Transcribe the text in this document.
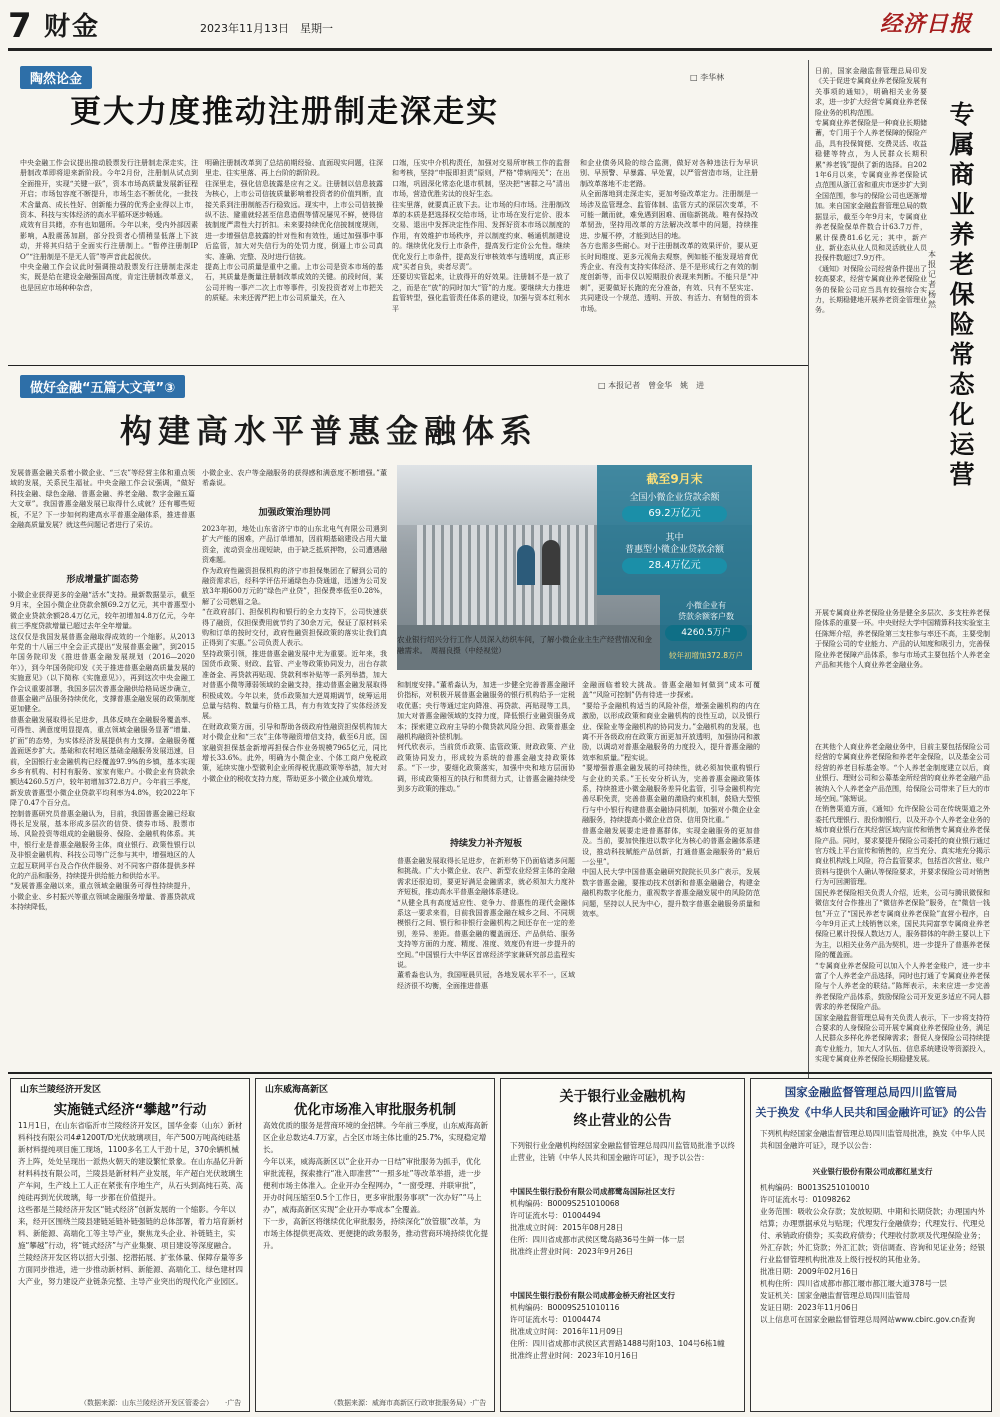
7 财金	2023年11月13日　星期一	经济日报
陶然论金	□ 李华林
更大力度推动注册制走深走实
中央金融工作会议提出推动股票发行注册制走深走实，注册制改革即将迎来新阶段。今年2月份，注册制从试点到全面推开，实现“关键一跃”，资本市场高质量发展新征程开启；市场包容度不断提升，市场生态不断优化，一批技术含量高、成长性好、创新能力强的优秀企业得以上市，资本、科技与实体经济的高水平循环逐步畅通。
成效有目共睹，亦有也如题所。今年以来，受内外部因素影响，A股震荡加剧，部分投资者心情稍显低落上下波动，并将其归结于全面实行注册制上。“暂停注册制IPO”“注册制是不是无人管”等声音此起彼伏。
中央金融工作会议此时强调推动股票发行注册制走深走实，既是给在建设金融强国高度，肯定注册制改革意义，也是回应市场种种杂音，
明确注册制改革到了总结前期经验、直面现实问题，往深里走、往实里落、再上台阶的新阶段。
往深里走，强化信息披露是应有之义。注册制以信息披露为核心，上市公司信披质量影响着投资者的价值判断，直接关系到注册制能否行稳致远。现实中，上市公司信披操纵不法、避重就轻甚至信息造假等情况屡见不鲜，使得信披制度严肃性大打折扣。未来要持续优化信披制度规则，进一步增强信息披露的针对性和有效性，通过加强事中事后监管，加大对失信行为的处罚力度，倒逼上市公司真实、准确、完整、及时进行信披。
提高上市公司质量是重中之重。上市公司是资本市场的基石，其质量是衡量注册制改革成效的关键。前段时间，某公司并购一事产二次上市等事件，引发投资者对上市把关的质疑。未来还需严把上市公司质量关，在入
口端，压实中介机构责任，加强对交易所审核工作的监督和考核，坚持“申报即担责”原则，严格“带病闯关”；在出口端，巩固深化常态化退市机制，坚决把“害群之马”清出市场，营造优胜劣汰的良好生态。
往实里落，就要真正放下去。让市场的归市场。注册制改革的本质是把选择权交给市场，让市场在发行定价、股本交易、退出中发挥决定性作用、发挥好资本市场以制度的作用，有效维护市场秩序，并以制度约束、畅通机制建设的。继续优化发行上市条件，提高发行定价公允性。继续优化发行上市条件，提高发行审核效率与透明度，真正形成“买者自负，卖者尽责”。
还要切实管起来，让放得开的好效果。注册制不是一放了之，而是在“放”的同时加大“管”的力度。要继续大力推进监管转型，强化监管责任体系的建设，加强与资本红利水平
和企业债务风险的综合监测，做好对各种违法行为早识别、早预警、早暴露、早处置，以严管营造市场，让注册制改革落地不走老路。
从全面落地到走深走实，更加考验改革定力。注册制是一场涉及监管理念、监管体制、监管方式的深层次变革，不可能一蹴而就，难免遇到困难、面临新挑战。唯有保持改革韧劲，坚持用改革的方法解决改革中的问题，持续推进、步履不停，才能到达目的地。
各方也需多些耐心。对于注册制改革的效果评价，要从更长时间维度、更多元视角去观察，例如能不能发现培育优秀企业、有没有支持实体经济、是不是形成行之有效的制度创新等，而非仅以短期股价表现来判断。不能只是“冲刺”，更要做好长跑的充分准备，有效、只有不坚实定、共同建设一个规范、透明、开放、有活力、有韧性的资本市场。
做好金融“五篇大文章”③	□ 本报记者　曾金华　姚　进
构建高水平普惠金融体系
发展普惠金融关系着小微企业、“三农”等经营主体和重点领域的发展，关系民生福祉。中央金融工作会议强调，“做好科技金融、绿色金融、普惠金融、养老金融、数字金融五篇大文章”。我国普惠金融发展已取得什么成就？还有哪些短板，不足？下一步如何构建高水平普惠金融体系，推进普惠金融高质量发展？就这些问题记者进行了采访。
形成增量扩面态势
小微企业获得更多的金融“活水”支持。最新数据显示，截至9月末，全国小微企业贷款余额69.2万亿元，其中普惠型小微企业贷款余额28.4万亿元，较年初增加4.8万亿元，今年前三季度贷款增量已超过去年全年增量。
这仅仅是我国发展普惠金融取得成效的一个缩影。从2013年党的十八届三中全会正式提出“发展普惠金融”，到2015年国务院印发《推进普惠金融发展规划（2016—2020年）》，到今年国务院印发《关于推进普惠金融高质量发展的实施意见》（以下简称《实施意见》），再到这次中央金融工作会议重要部署，我国多层次普惠金融供给格局逐步确立，普惠金融产品服务持续优化，支撑普惠金融发展的政策制度更加健全。
普惠金融发展取得长足进步，具体反映在金融服务覆盖率、可得性、满意度明显提高，重点领域金融服务显著“增量、扩面”的态势，为实体经济发展提供有力支撑。金融服务覆盖面逐步扩大。基础和农村地区基础金融服务发展迅速，目前，全国银行业金融机构已经覆盖97.9%的乡镇，基本实现乡乡有机构、村村有服务、家家有账户。小微企业有贷款余额达4260.5万户，较年初增加372.8万户。今年前三季度，新发放普惠型小微企业贷款平均利率为4.8%，较2022年下降了0.47个百分点。
控制普惠研究员普惠金融认为，目前，我国普惠金融已经取得长足发展，基本形成多层次的信贷、债券市场、股票市场、风险投资等组成的金融服务、保险、金融机构体系。其中，银行业是普惠金融服务主体，商业银行、政策性银行以及非银金融机构、科技公司等广泛参与其中，增强地区的人立起互联网平台及合作伙伴服务、对不同客户群体提供多样化的产品和服务，持续提升供给能力和供给水平。
“发展普惠金融以来，重点领域金融服务可得性持续提升，小微企业、乡村振兴等重点领域金融服务增量、普惠贷款成本持续降低，
小微企业、农户等金融服务的获得感和满意度不断增强。”董希淼说。
加强政策治理协同
2023年初，地处山东省济宁市的山东北电气有限公司遇到扩大产能的困难，产品订单增加，因前期基础建设占用大量资金，流动资金出现短缺，由于缺乏抵质押物，公司遭遇融资难题。
作为政府性融资担保机构的济宁市担保集团在了解到公司的融资需求后，经科学评估开通绿色办贷通道，迅速为公司发放3年期600万元的“绿色产业贷”，担保费率低至0.28%，解了公司燃眉之急。
“在政府部门、担保机构和银行的全力支持下，公司快速获得了融资，仅担保费用就节约了30余万元，保证了原材料采购和订单的按时交付，政府性融资担保政策的落实让我们真正得到了实惠。”公司负责人表示。
坚持政策引领，推进普惠金融发展中尤为重要。近年来，我国货币政策、财政、监管、产业等政策协同发力，出台存款准备金、再贷款再贴现、贷款利率补贴等一系列举措，加大对普惠小微等薄弱领域的金融支持，推动普惠金融发展取得积极成效。今年以来，货币政策加大逆周期调节，统筹运用总量与结构、数量与价格工具，有力有效支持了实体经济发展。
在财政政策方面，引导和帮助各级政府性融资担保机构加大对小微企业和“三农”主体等融资增信支持，截至6月底，国家融资担保基金新增再担保合作业务规模7965亿元，同比增长33.6%。此外，明确为小微企业、个体工商户免税政策，延续实施小型微利企业所得税优惠政策等举措，加大对小微企业的税收支持力度，帮助更多小微企业减负增效。
截至9月末
全国小微企业贷款余额
69.2万亿元
其中
普惠型小微企业贷款余额
28.4万亿元
小微企业有
贷款余额客户数
4260.5万户
较年初增加372.8万户
农业银行绍兴分行工作人员深入纺织车间，了解小微企业主生产经营情况和金融需求。　周福良摄（中经视觉）
和制度安排。”董希淼认为，加进一步健全完善普惠金融评价指标，对积极开展普惠金融服务的银行机构给予一定税收优惠；央行等通过定向降准、再贷款、再贴现等工具，加大对普惠金融领域的支持力度，降低银行业融资服务成本；探索建立政府主导的小微贷款风险分担、政策普惠金融机构融资补偿机制。
何代欣表示，当前货币政策、监管政策、财政政策、产业政策协同发力，形成较为系统的普惠金融支持政策体系。“下一步，要细化政策落实，加强中央和地方层面协调，形成政策相互的执行和贯彻力式，让普惠金融持续受到多方政策的推动。”
持续发力补齐短板
普惠金融发展取得长足进步，在新形势下仍面临诸多问题和挑战。广大小微企业、农户、新型农业经营主体的金融需求还很迫切，要更好满足金融需求，就必须加大力度补齐短板，推动高水平普惠金融体系建设。
“从健全具有高度适应性、竞争力、普惠性的现代金融体系这一要求来看，目前我国普惠金融在城乡之间、不同规模银行之间、银行和非银行金融机构之间还存在一定的差别，差异、差距。普惠金融的覆盖面还、产品供给、服务支持等方面的力度、精度、准度、效度仍有进一步提升的空间。”中国银行大中华区首席经济学家兼研究部总监程实说。
董希淼也认为，我国哑晨贝冠，各地发展水平不一，区域经济很不均衡，全面推进普惠
金融面临着较大挑战。普惠金融如何做到“成本可覆盖”“风险可控制”仍有待进一步探索。
“要给予金融机构适当的风险补偿，增强金融机构的内在激励，以形成政策和商业金融机构的良性互动，以及银行业、保险业等金融机构的协同发力。”金融机构的发展，也离不开各级政府在政策方面更加开放透明，加强协同和激励，以调动对普惠金融服务的力度投入，提升普惠金融的效率和质量。”程实说。
“要增强普惠金融发展的可持续性，就必须加快重构银行与企业的关系。”王长安分析认为，完善普惠金融政策体系，持续推进小微金融服务差异化监管，引导金融机构完善尽职免责，完善普惠金融的激励约束机制，鼓励大型银行与中小银行构建普惠金融协同机制，加强对小微企业金融服务，持续提高小微企业首贷、信用贷比重。”
普惠金融发展要走进普惠群体，实现金融服务的更加普及。当前，要加快推进以数字化为核心的普惠金融体系建设，推动科技赋能产品创新，打通普惠金融服务的“最后一公里”。
中国人民大学中国普惠金融研究院院长贝多广表示，发展数字普惠金融，要推动技术创新和普惠金融融合，构建金融机构数字化能力，重视数字普惠金融发展中的风险防范问题，坚持以人民为中心，提升数字普惠金融服务质量和效率。
日前，国家金融监督管理总局印发《关于促进专属商业养老保险发展有关事项的通知》，明确相关业务要求，进一步扩大经营专属商业养老保险业务的机构范围。
专属商业养老保险是一种商业长期储蓄，专门用于个人养老保障的保险产品，具有投保简便、交费灵活、收益稳健等特点，为人民群众长期积累“养老钱”提供了新的选择。自2021年6月以来，专属商业养老保险试点范围从浙江省和重庆市逐步扩大到全国范围，参与的保险公司也逐渐增加。来自国家金融监督管理总局的数据显示，截至今年9月末，专属商业养老保险保单件数合计63.7万件，累计保费81.6亿元；其中，新产业、新业态从业人员和灵活就业人员投保件数超过7.9万件。
《通知》对保险公司经营条件提出了较高要求，经营专属商业养老保险业务的保险公司应当具有较强综合实力，长期稳健地开展养老资金管理业务。
专属商业养老保险常态化运营
本报记者　杨　然
开展专属商业养老保险业务是健全多层次、多支柱养老保险体系的重要一环。中央财经大学中国精算科技实验室主任陈辉介绍，养老保险第三支柱参与率还不高，主要受制于保险公司的专业能力、产品的认知度和吸引力，完善保险业养老保障产品体系，参与市场式主要包括个人养老金产品和其他个人商业养老金融业务。
在其他个人商业养老金融业务中，目前主要包括保险公司经营的专属商业养老保险和养老年金保险，以及基金公司经营的养老目标基金等。“个人养老金制度建立以后，商业银行、理财公司和公募基金所经营的商业养老金融产品被纳入个人养老金产品范围，给保险公司带来了巨大的市场空间。”陈辉说。
在销售渠道方面，《通知》允许保险公司在传统渠道之外委托代理银行、股份制银行，以及开办个人养老金业务的城市商业银行在其经营区域内宣传和销售专属商业养老保险产品。同时，要求要提升保险公司委托的商业银行通过官方线上平台宣传和销售的，应当充分、真实地充分揭示商业机构线上风险，符合监管要求，包括首次营业、账户资料与提供个人确认等保险要求，并要求保险公司对销售行为可回溯管理。
国民养老保险相关负责人介绍，近来，公司与腾讯微保和微信支付合作推出了“微信养老保险”服务，在“微信一钱包”开立了“国民养老专属商业养老保险”直营小程序，自今年9月正式上线销售以来，国民共同富享专属商业养老保险已累计投保人数达万人，服务群体的年龄主要以上下为主，以相关业务产品为契机，进一步提升了普惠养老保险的覆盖面。
“专属商业养老保险可以加入个人养老金账户，进一步丰富了个人养老金产品选择，同时也打通了专属商业养老保险与个人养老金的联结。”陈辉表示，未来应进一步完善养老保险产品体系，鼓励保险公司开发更多适应不同人群需求的养老保险产品。
国家金融监督管理总局有关负责人表示，下一步将支持符合要求的人身保险公司开展专属商业养老保险业务，满足人民群众多样化养老保障需求；督促人身保险公司持续提高专业能力，加大人才队伍、信息系统建设等资源投入，实现专属商业养老保险长期稳健发展。
山东兰陵经济开发区
实施链式经济“攀越”行动
11月1日，在山东省临沂市兰陵经济开发区，国华金泰（山东）新材料科技有限公司4#1200T/D光伏玻璃项目，年产500万吨高纯硅基新材料提纯项目施工现场，1100多名工人干劲十足，370余辆机械齐上阵，处处呈现出一派热火朝天的建设繁忙景象。在山东晶亿升新材料科技有限公司，兰陵县是新材料产业发展，年产超白光伏玻璃生产车间，生产线上工人正在紧张有序地生产，从石头到高纯石英、高纯硅再到光伏玻璃，每一步都在价值提升。
这些都是兰陵经济开发区“链式经济”创新发展的一个缩影。今年以来，经开区围绕兰陵县建链延链补链强链的总体部署，着力培育新材料、新能源、高端化工等主导产业，聚焦龙头企业、补链链主，实施“攀越”行动，将“链式经济”与产业集聚、项目建设等深度融合。
兰陵经济开发区将以招大引强、挖潜拓展、扩张体量、保障存量等多方面同步推进，进一步推动新材料、新能源、高端化工、绿色建材四大产业，努力建设产业链条完整、主导产业突出的现代化产业园区。
（数据来源：山东兰陵经济开发区管委会） ·广告
山东威海高新区
优化市场准入审批服务机制
高效优质的服务是营商环境的金招牌。今年前三季度，山东威海高新区企业总数达4.7万家，占全区市场主体比重的25.7%，实现稳定增长。
今年以来，威海高新区以“企业开办一日结”审批服务为抓手，优化审批流程，探索推行“准入即准营”“一照多址”等改革举措，进一步便利市场主体准入。企业开办全程网办，“一窗受理、并联审批”，开办时间压缩至0.5个工作日，更多审批服务事项“一次办好”“马上办”，威海高新区实现“企业开办零成本”全覆盖。
下一步，高新区将继续优化审批服务，持续深化“放管服”改革，为市场主体提供更高效、更便捷的政务服务，推动营商环境持续优化提升。
（数据来源：威海市高新区行政审批服务局） ·广告
关于银行业金融机构
终止营业的公告
下列银行业金融机构经国家金融监督管理总局四川监管局批准予以终止营业，注销《中华人民共和国金融许可证》，现予以公告：
中国民生银行股份有限公司成都鹭岛国际社区支行
机构编码：B0009S251010068
许可证流水号：01004494
批准成立时间：2015年08月28日
住所：四川省成都市武侯区鹭岛路36号生鲜一体一层
批准终止营业时间：2023年9月26日
中国民生银行股份有限公司成都金桥天府社区支行
机构编码：B0009S251010116
许可证流水号：01004474
批准成立时间：2016年11月09日
住所：四川省成都市武侯区武晋路1488号附103、104号6栋1幢
批准终止营业时间：2023年10月16日
国家金融监督管理总局四川监管局
关于换发《中华人民共和国金融许可证》的公告
下列机构经国家金融监督管理总局四川监管局批准，换发《中华人民共和国金融许可证》，现予以公告：
兴业银行股份有限公司成都红星支行
机构编码：B0013S251010010
许可证流水号：01098262
业务范围：吸收公众存款；发放短期、中期和长期贷款；办理国内外结算；办理票据承兑与贴现；代理发行金融债券；代理发行、代理兑付、承销政府债券；买卖政府债券；代理收付款项及代理保险业务；外汇存款；外汇贷款；外汇汇款；资信调查、咨询和见证业务；经银行业监督管理机构批准及上级行授权的其他业务。
批准日期：2009年02月16日
机构住所：四川省成都市都江堰市都江堰大道378号一层
发证机关：国家金融监督管理总局四川监管局
发证日期：2023年11月06日
以上信息可在国家金融监督管理总局网站www.cbirc.gov.cn查询
